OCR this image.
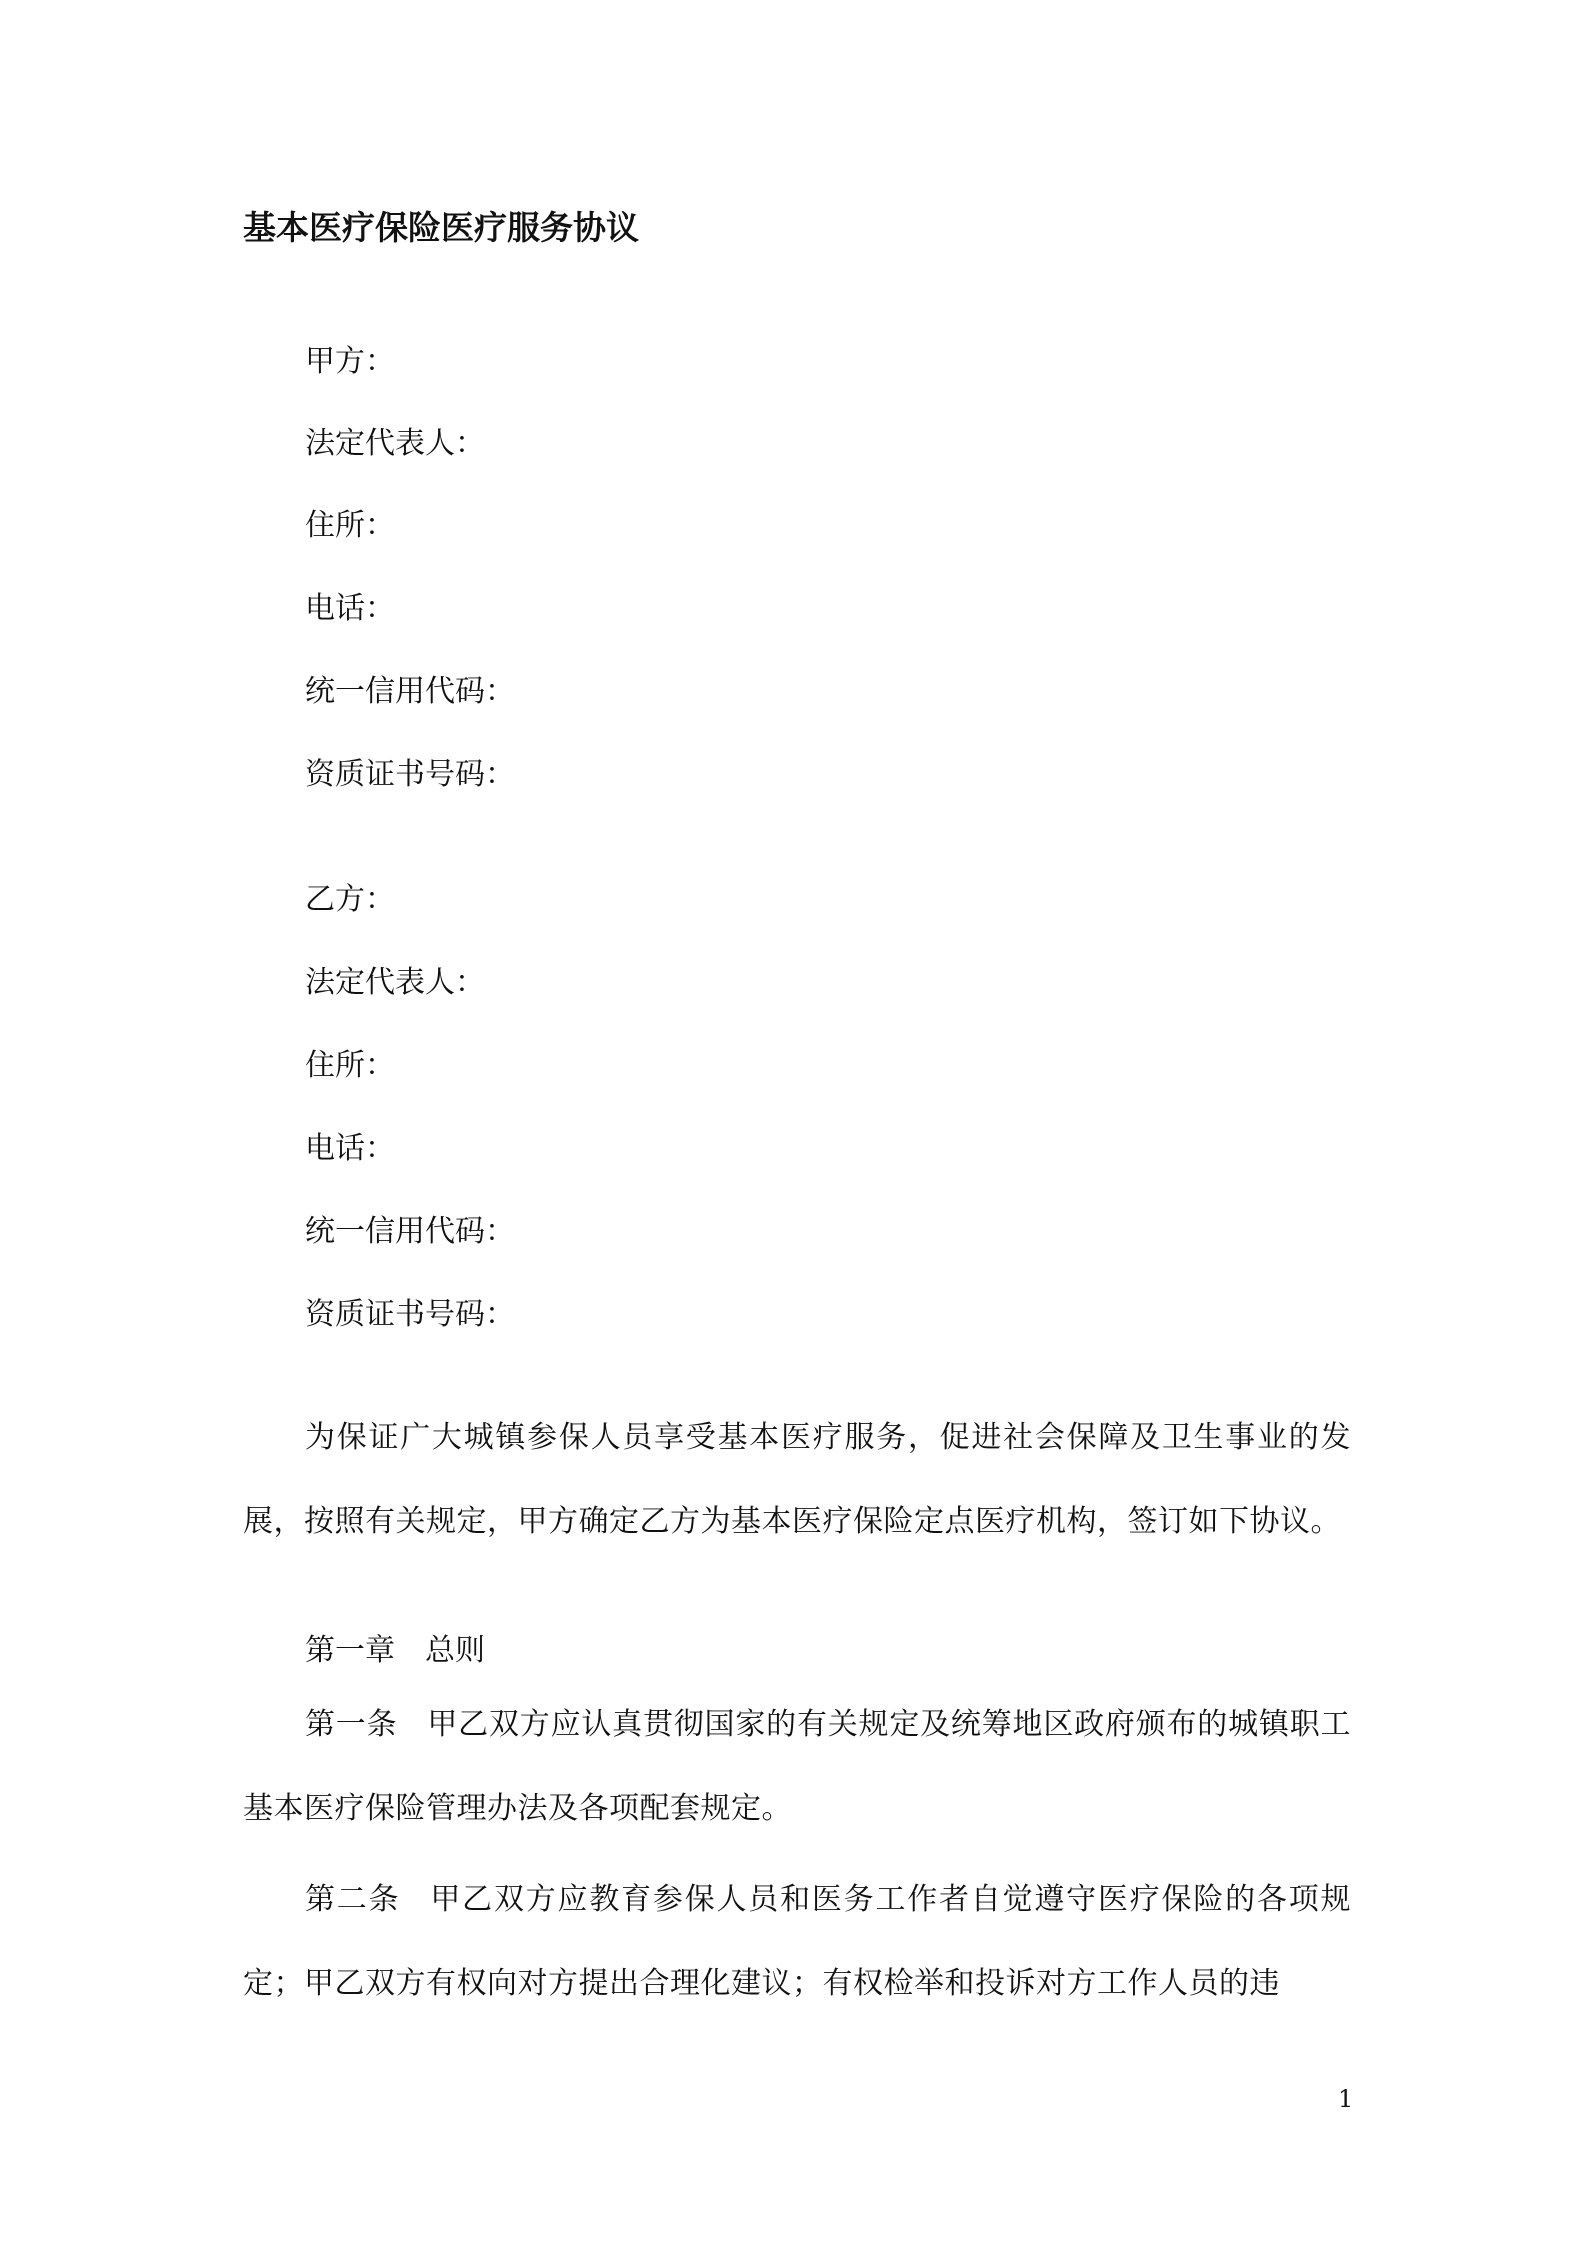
基本医疗保险医疗服务协议
甲方：
法定代表人：
住所：
电话：
统一信用代码：
资质证书号码：
乙方：
法定代表人：
住所：
电话：
统一信用代码：
资质证书号码：
为保证广大城镇参保人员享受基本医疗服务，促进社会保障及卫生事业的发展，按照有关规定，甲方确定乙方为基本医疗保险定点医疗机构，签订如下协议。
第一章 总则
第一条 甲乙双方应认真贯彻国家的有关规定及统筹地区政府颁布的城镇职工基本医疗保险管理办法及各项配套规定。
第二条 甲乙双方应教育参保人员和医务工作者自觉遵守医疗保险的各项规定；甲乙双方有权向对方提出合理化建议；有权检举和投诉对方工作人员的违
1
